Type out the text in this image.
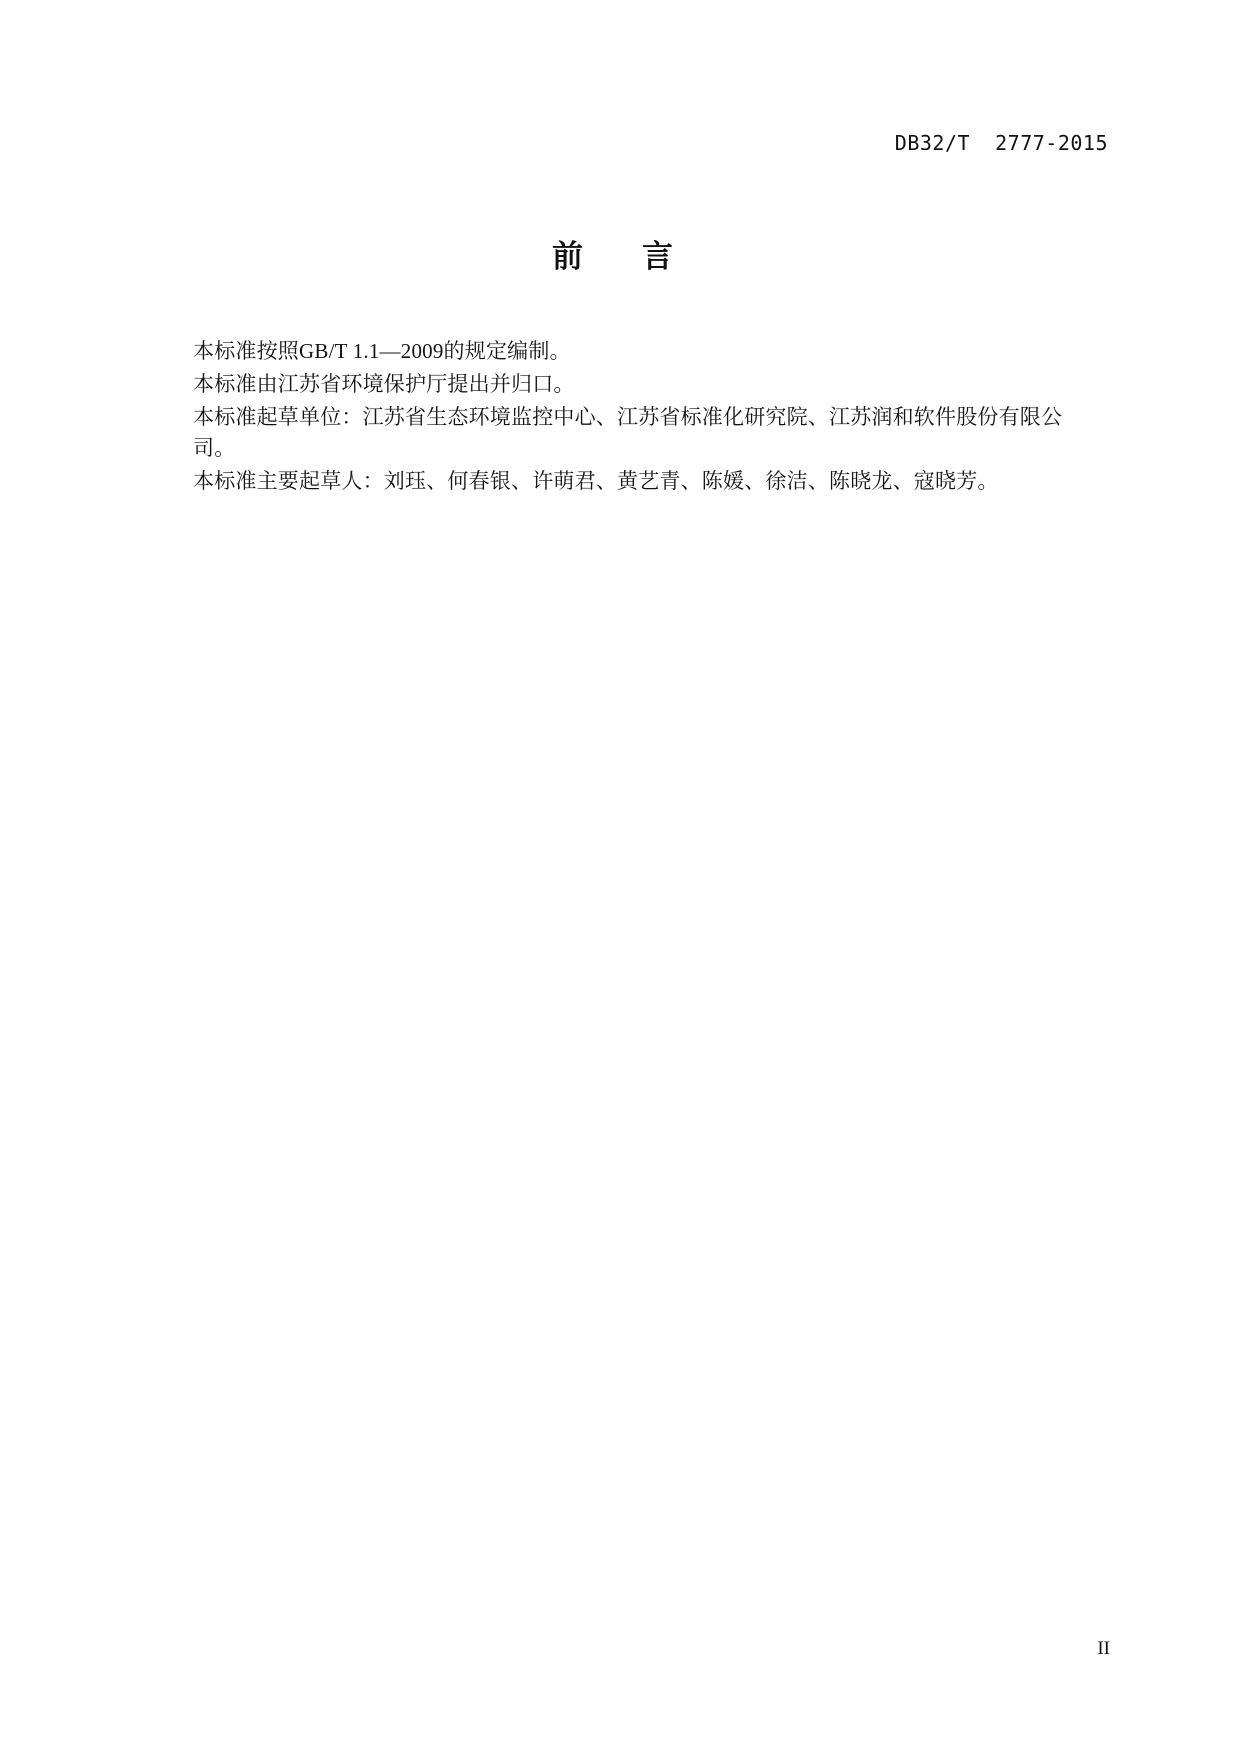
DB32/T  2777-2015
前　言

本标准按照GB/T 1.1—2009的规定编制。

本标准由江苏省环境保护厅提出并归口。

本标准起草单位：江苏省生态环境监控中心、江苏省标准化研究院、江苏润和软件股份有限公司。

本标准主要起草人：刘珏、何春银、许萌君、黄艺青、陈媛、徐洁、陈晓龙、寇晓芳。

II
